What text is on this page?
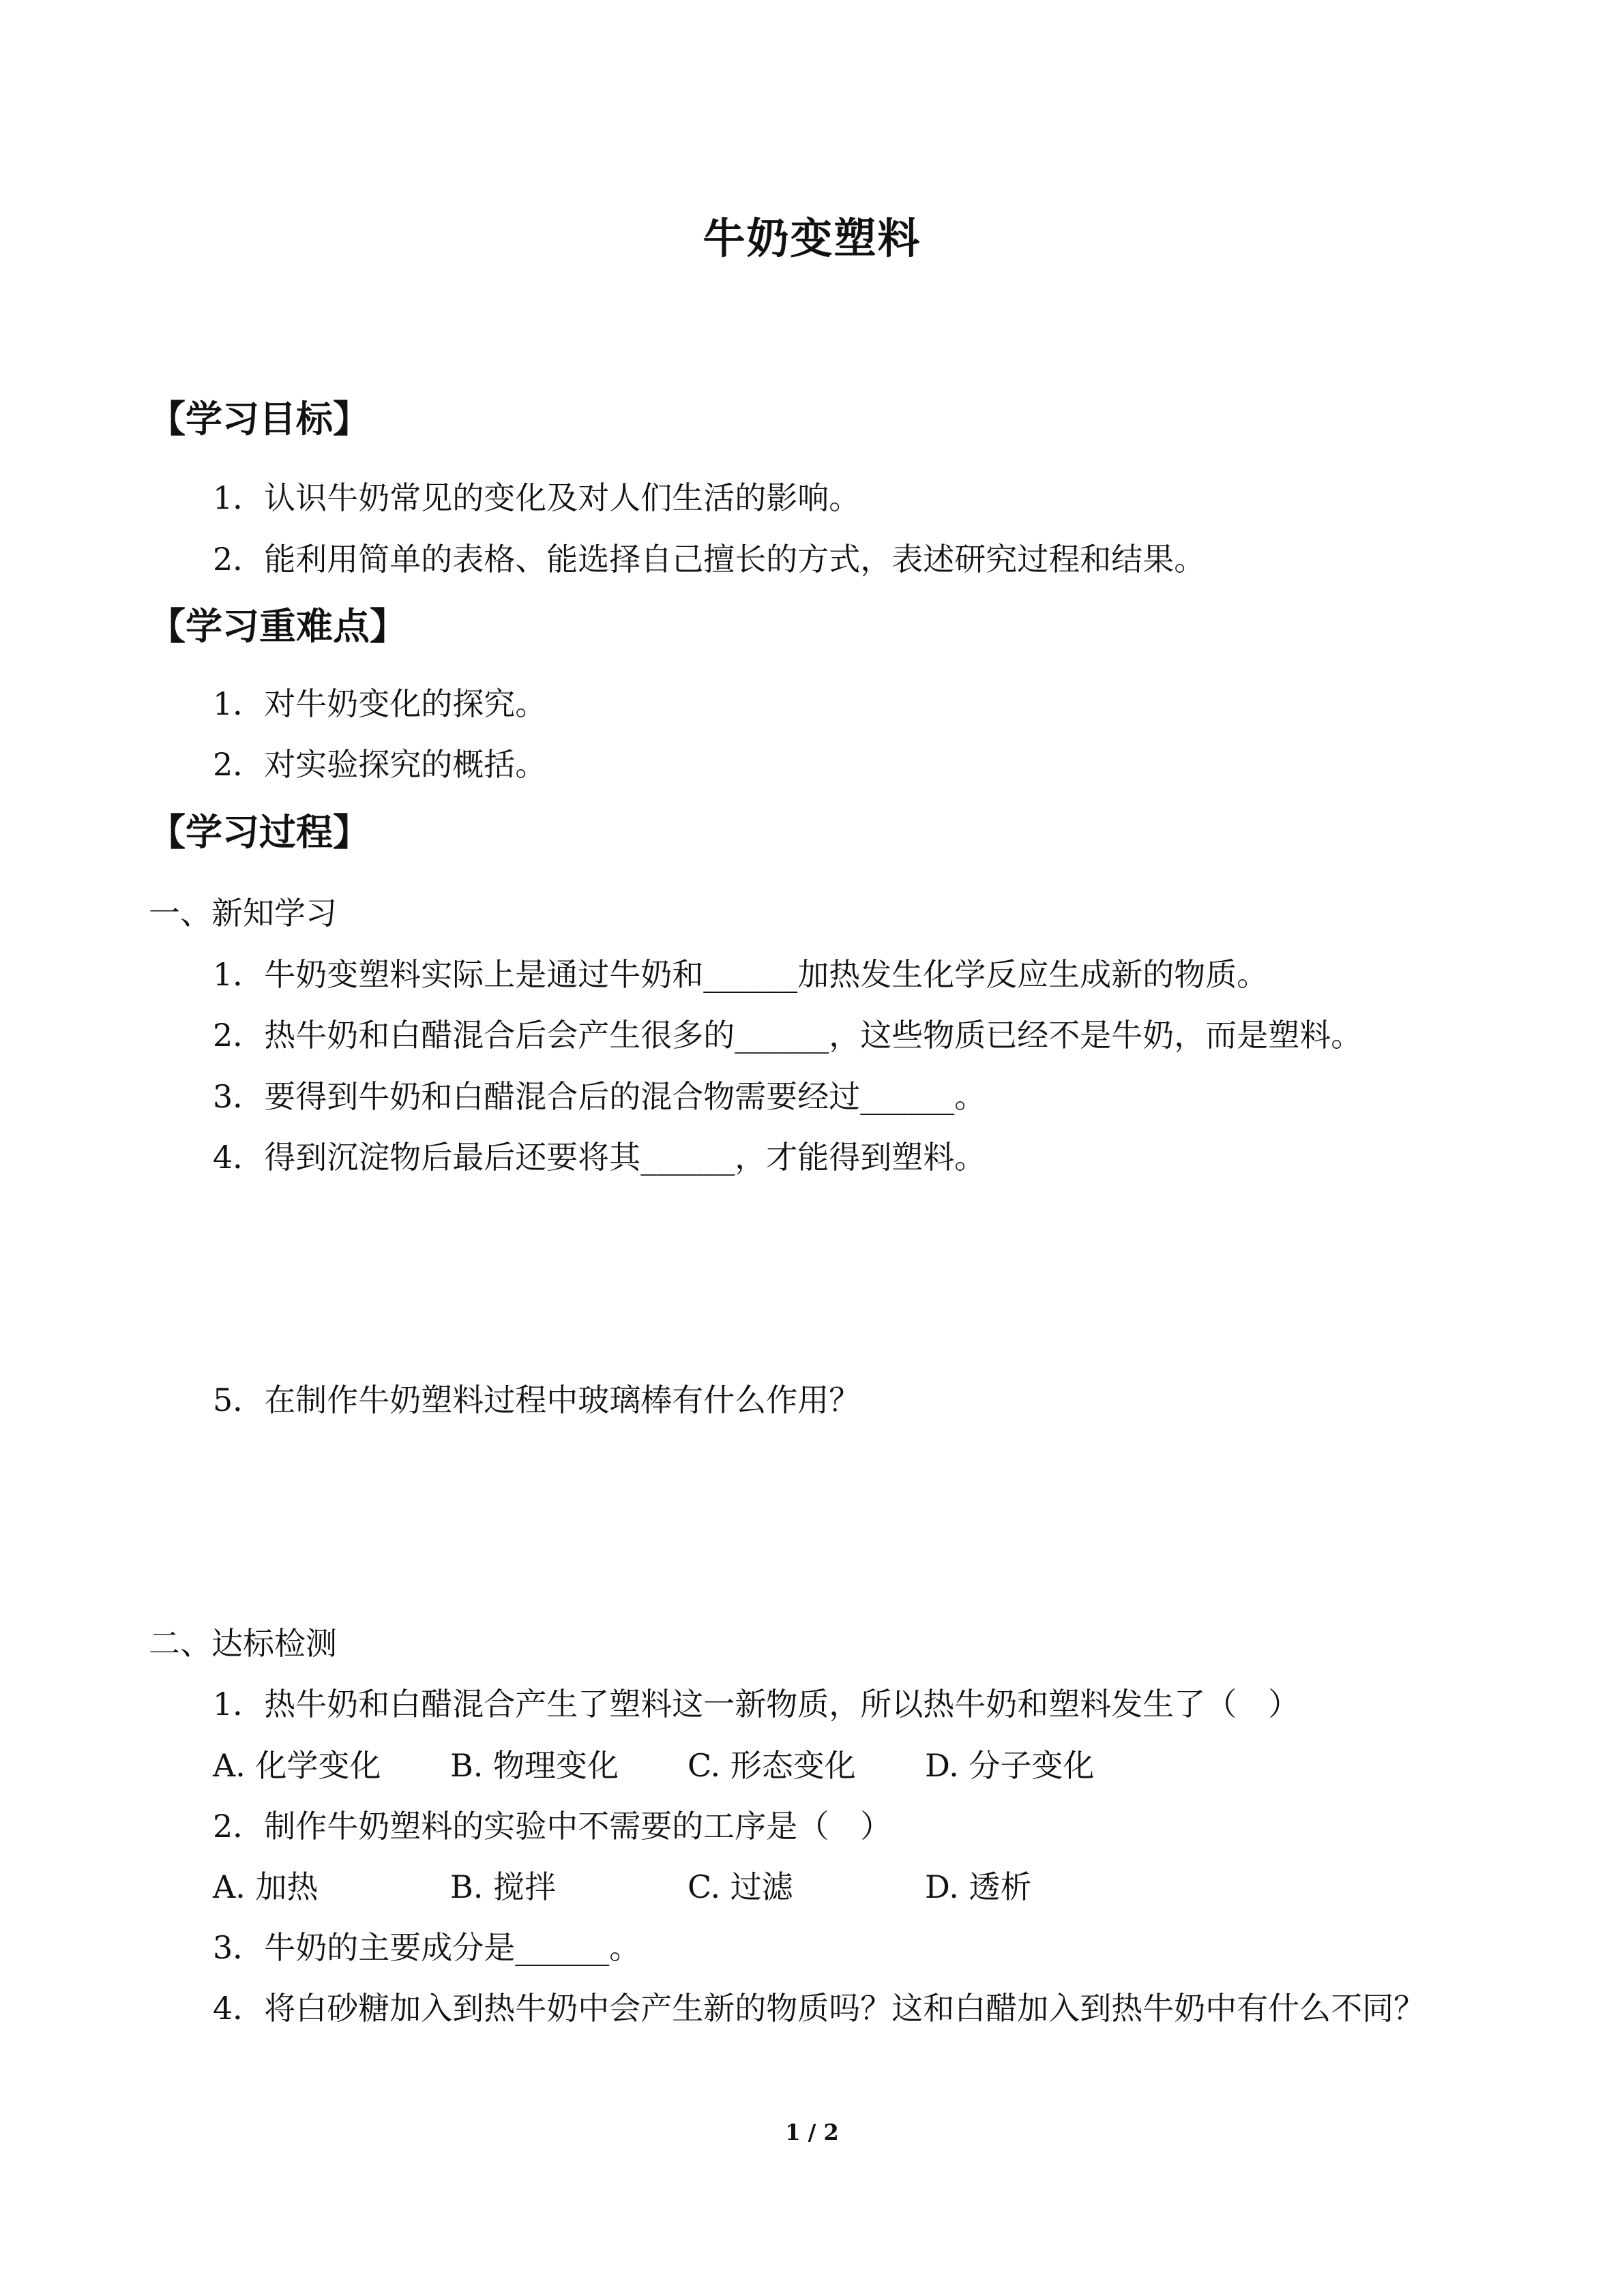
牛奶变塑料
【学习目标】
1．认识牛奶常见的变化及对人们生活的影响。
2．能利用简单的表格、能选择自己擅长的方式，表述研究过程和结果。
【学习重难点】
1．对牛奶变化的探究。
2．对实验探究的概括。
【学习过程】
一、新知学习
1．牛奶变塑料实际上是通过牛奶和______加热发生化学反应生成新的物质。
2．热牛奶和白醋混合后会产生很多的______，这些物质已经不是牛奶，而是塑料。
3．要得到牛奶和白醋混合后的混合物需要经过______。
4．得到沉淀物后最后还要将其______，才能得到塑料。
5．在制作牛奶塑料过程中玻璃棒有什么作用？
二、达标检测
1．热牛奶和白醋混合产生了塑料这一新物质，所以热牛奶和塑料发生了（　）
A. 化学变化 B. 物理变化 C. 形态变化 D. 分子变化
2．制作牛奶塑料的实验中不需要的工序是（　）
A. 加热	B. 搅拌	C. 过滤	D. 透析
3．牛奶的主要成分是______。
4．将白砂糖加入到热牛奶中会产生新的物质吗？这和白醋加入到热牛奶中有什么不同？
1 / 2
